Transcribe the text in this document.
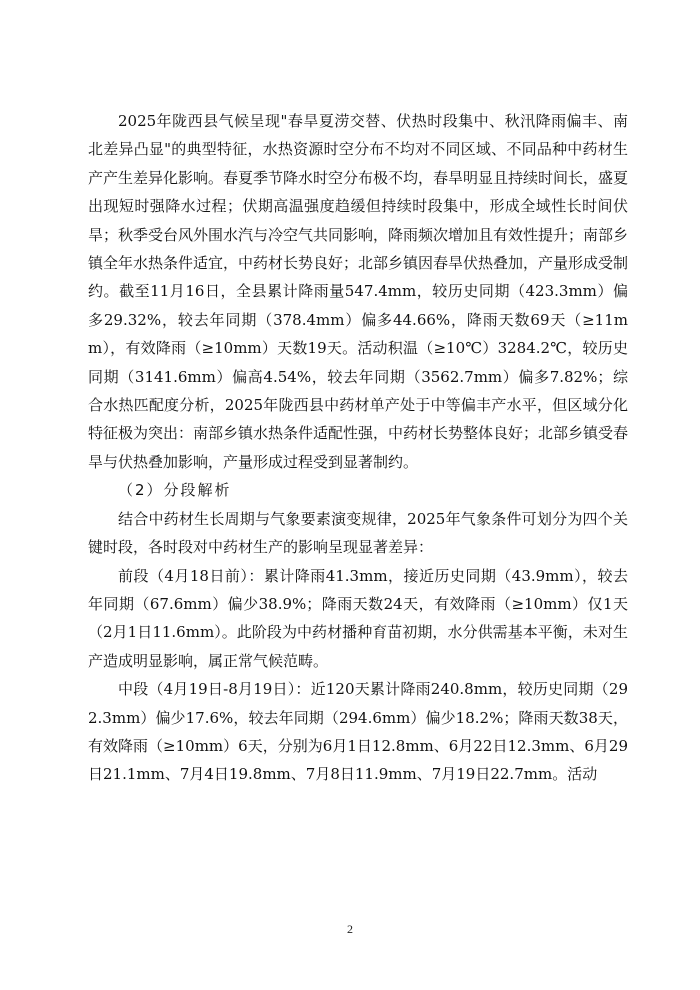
2025年陇西县气候呈现"春旱夏涝交替、伏热时段集中、秋汛降雨偏丰、南北差异凸显"的典型特征，水热资源时空分布不均对不同区域、不同品种中药材生产产生差异化影响。春夏季节降水时空分布极不均，春旱明显且持续时间长，盛夏出现短时强降水过程；伏期高温强度趋缓但持续时段集中，形成全域性长时间伏旱；秋季受台风外围水汽与冷空气共同影响，降雨频次增加且有效性提升；南部乡镇全年水热条件适宜，中药材长势良好；北部乡镇因春旱伏热叠加，产量形成受制约。截至11月16日，全县累计降雨量547.4mm，较历史同期（423.3mm）偏多29.32%，较去年同期（378.4mm）偏多44.66%，降雨天数69天（≥11mm），有效降雨（≥10mm）天数19天。活动积温（≥10℃）3284.2℃，较历史同期（3141.6mm）偏高4.54%，较去年同期（3562.7mm）偏多7.82%；综合水热匹配度分析，2025年陇西县中药材单产处于中等偏丰产水平，但区域分化特征极为突出：南部乡镇水热条件适配性强，中药材长势整体良好；北部乡镇受春旱与伏热叠加影响，产量形成过程受到显著制约。

（2）分段解析

结合中药材生长周期与气象要素演变规律，2025年气象条件可划分为四个关键时段，各时段对中药材生产的影响呈现显著差异：

前段（4月18日前）：累计降雨41.3mm，接近历史同期（43.9mm），较去年同期（67.6mm）偏少38.9%；降雨天数24天，有效降雨（≥10mm）仅1天（2月1日11.6mm）。此阶段为中药材播种育苗初期，水分供需基本平衡，未对生产造成明显影响，属正常气候范畴。

中段（4月19日-8月19日）：近120天累计降雨240.8mm，较历史同期（292.3mm）偏少17.6%，较去年同期（294.6mm）偏少18.2%；降雨天数38天，有效降雨（≥10mm）6天，分别为6月1日12.8mm、6月22日12.3mm、6月29日21.1mm、7月4日19.8mm、7月8日11.9mm、7月19日22.7mm。活动

2
